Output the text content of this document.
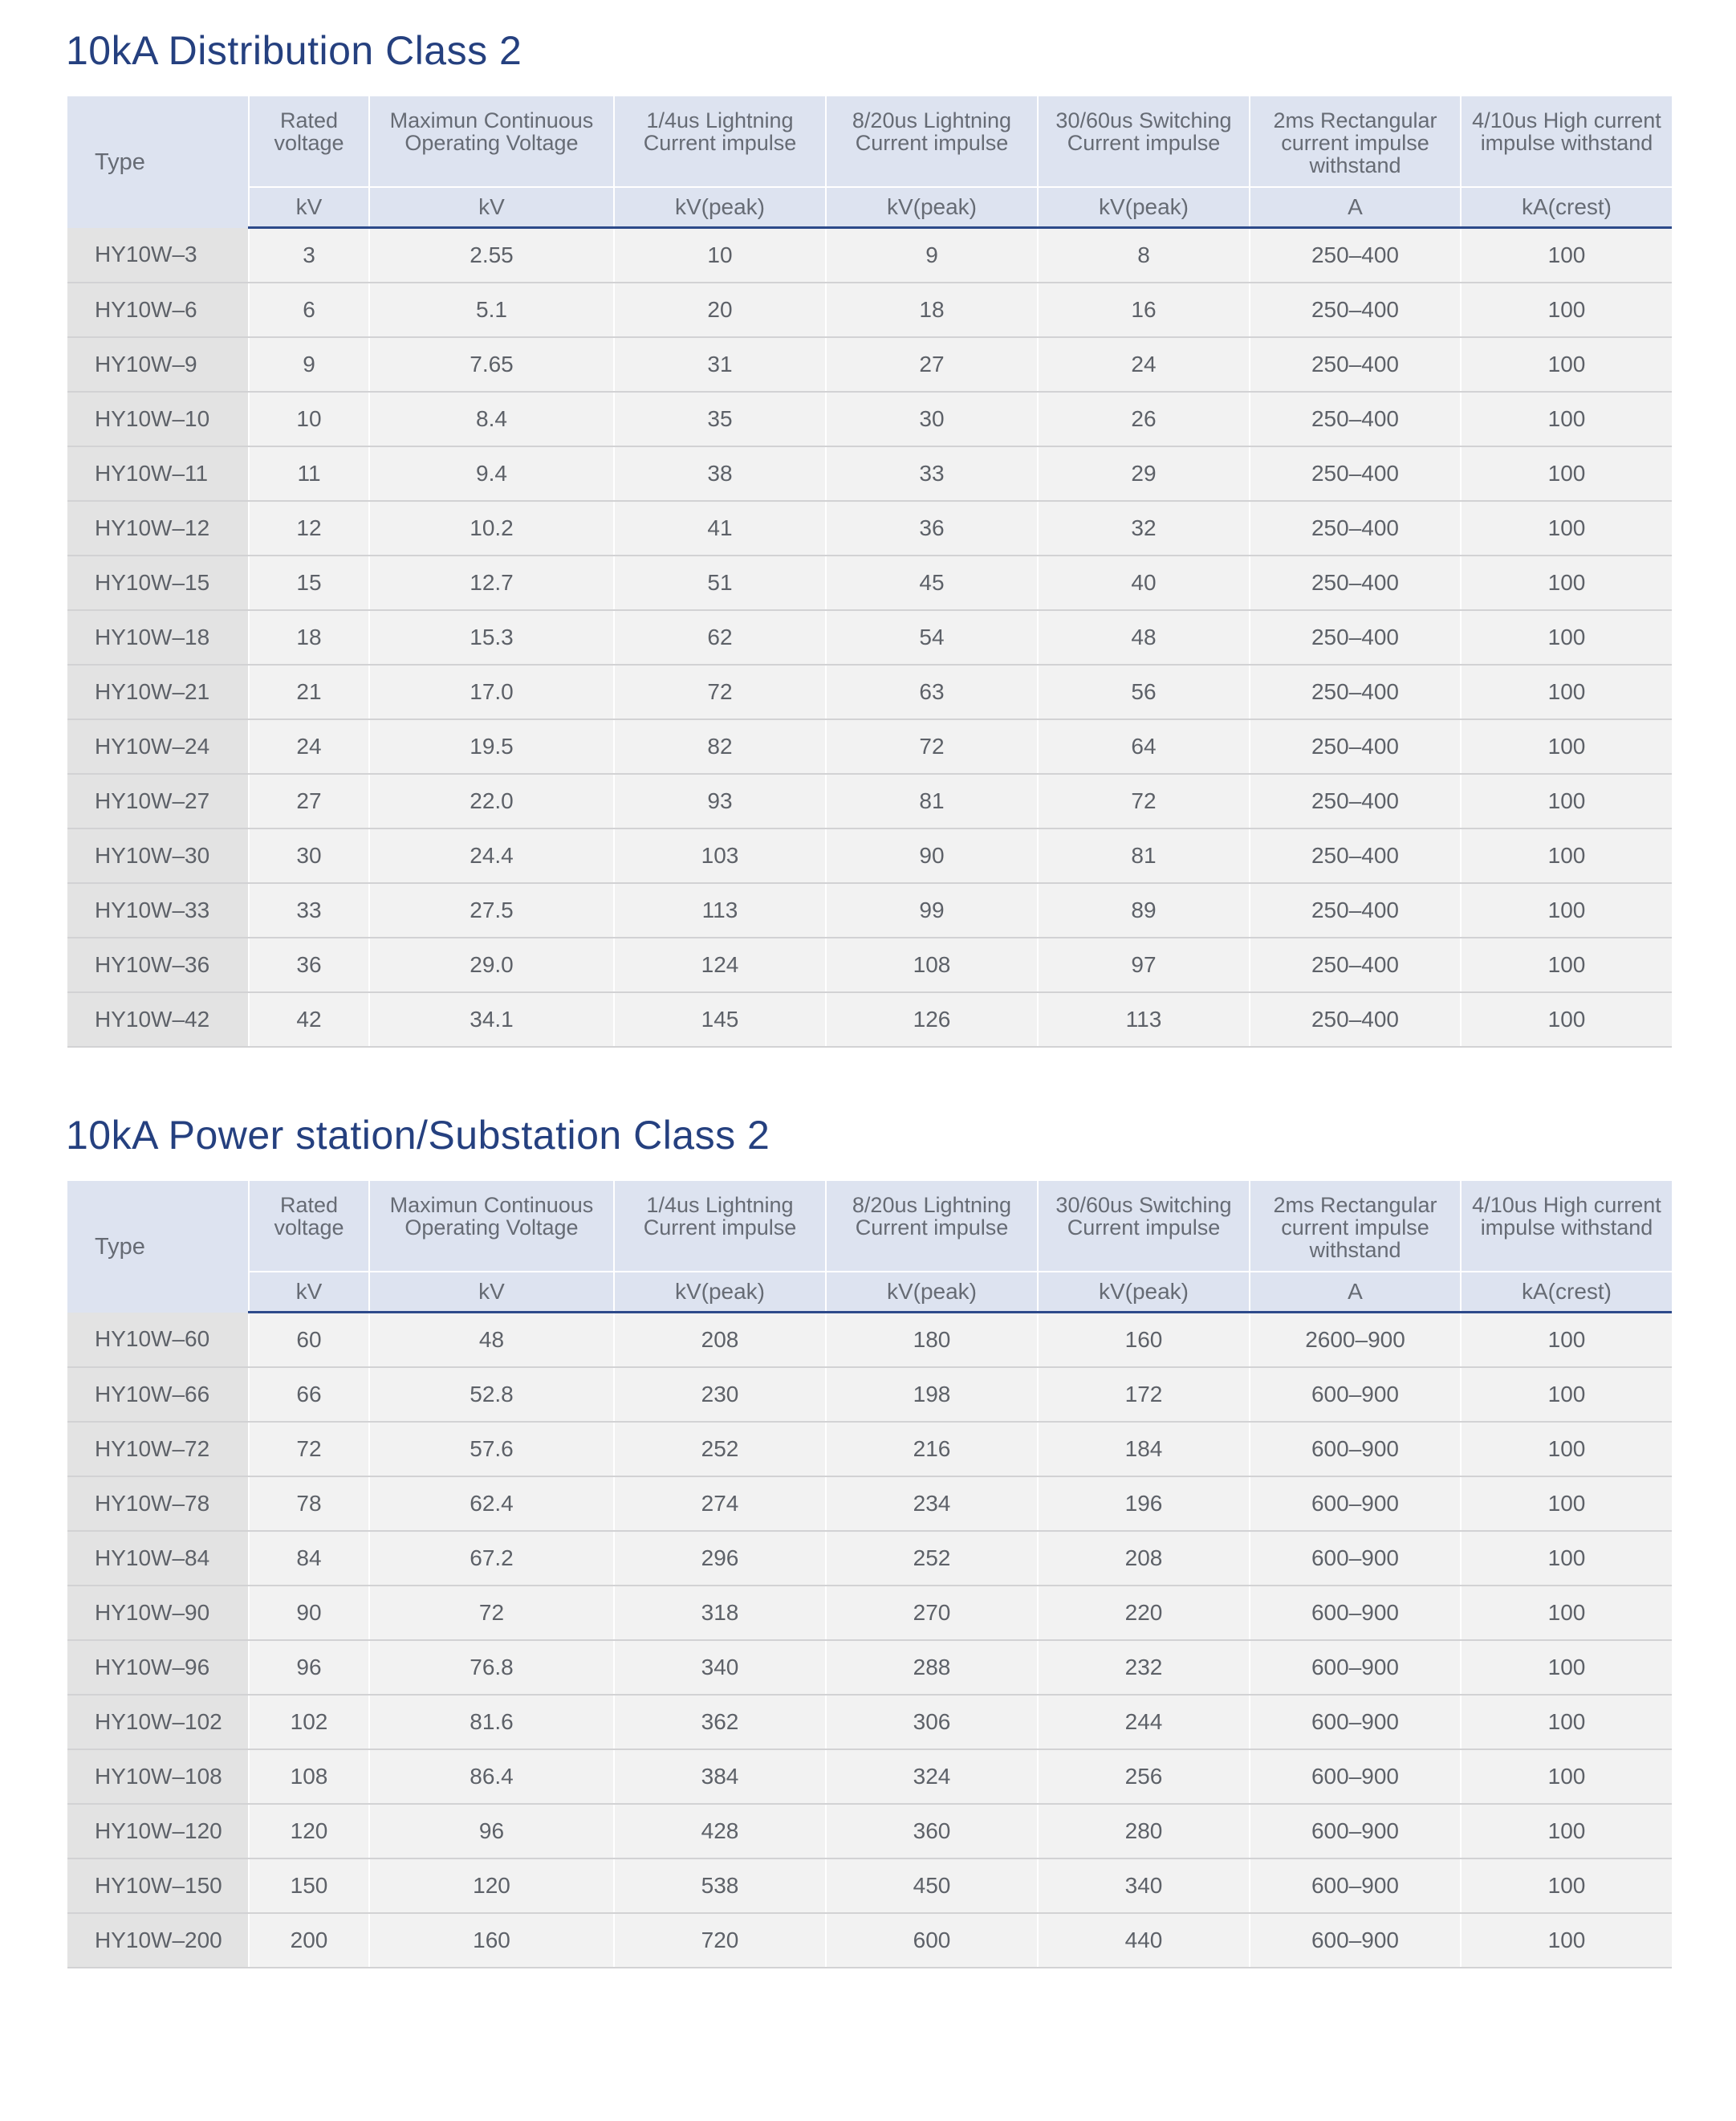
10kA Distribution Class 2
Type	Rated voltage	Maximun Continuous Operating Voltage	1/4us Lightning Current impulse	8/20us Lightning Current impulse	30/60us Switching Current impulse	2ms Rectangular current impulse withstand	4/10us High current impulse withstand
	kV	kV	kV(peak)	kV(peak)	kV(peak)	A	kA(crest)
HY10W–3	3	2.55	10	9	8	250–400	100
HY10W–6	6	5.1	20	18	16	250–400	100
HY10W–9	9	7.65	31	27	24	250–400	100
HY10W–10	10	8.4	35	30	26	250–400	100
HY10W–11	11	9.4	38	33	29	250–400	100
HY10W–12	12	10.2	41	36	32	250–400	100
HY10W–15	15	12.7	51	45	40	250–400	100
HY10W–18	18	15.3	62	54	48	250–400	100
HY10W–21	21	17.0	72	63	56	250–400	100
HY10W–24	24	19.5	82	72	64	250–400	100
HY10W–27	27	22.0	93	81	72	250–400	100
HY10W–30	30	24.4	103	90	81	250–400	100
HY10W–33	33	27.5	113	99	89	250–400	100
HY10W–36	36	29.0	124	108	97	250–400	100
HY10W–42	42	34.1	145	126	113	250–400	100
10kA Power station/Substation Class 2
Type	Rated voltage	Maximun Continuous Operating Voltage	1/4us Lightning Current impulse	8/20us Lightning Current impulse	30/60us Switching Current impulse	2ms Rectangular current impulse withstand	4/10us High current impulse withstand
	kV	kV	kV(peak)	kV(peak)	kV(peak)	A	kA(crest)
HY10W–60	60	48	208	180	160	2600–900	100
HY10W–66	66	52.8	230	198	172	600–900	100
HY10W–72	72	57.6	252	216	184	600–900	100
HY10W–78	78	62.4	274	234	196	600–900	100
HY10W–84	84	67.2	296	252	208	600–900	100
HY10W–90	90	72	318	270	220	600–900	100
HY10W–96	96	76.8	340	288	232	600–900	100
HY10W–102	102	81.6	362	306	244	600–900	100
HY10W–108	108	86.4	384	324	256	600–900	100
HY10W–120	120	96	428	360	280	600–900	100
HY10W–150	150	120	538	450	340	600–900	100
HY10W–200	200	160	720	600	440	600–900	100
